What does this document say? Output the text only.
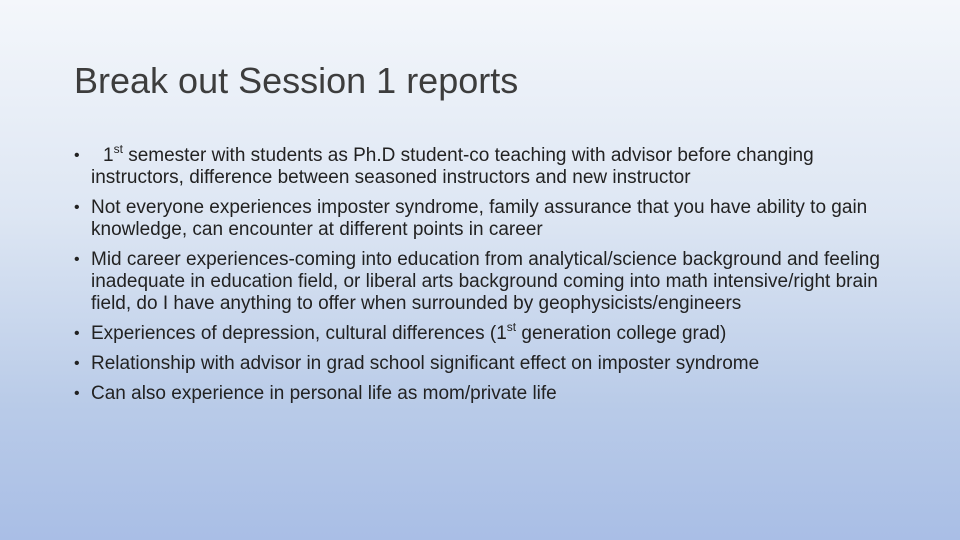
Break out Session 1 reports
•	1st semester with students as Ph.D student-co teaching with advisor before changing instructors, difference between seasoned instructors and new instructor
• Not everyone experiences imposter syndrome, family assurance that you have ability to gain knowledge, can encounter at different points in career
• Mid career experiences-coming into education from analytical/science background and feeling inadequate in education field, or liberal arts background coming into math intensive/right brain field, do I have anything to offer when surrounded by geophysicists/engineers
• Experiences of depression, cultural differences (1st generation college grad)
• Relationship with advisor in grad school significant effect on imposter syndrome
• Can also experience in personal life as mom/private life
